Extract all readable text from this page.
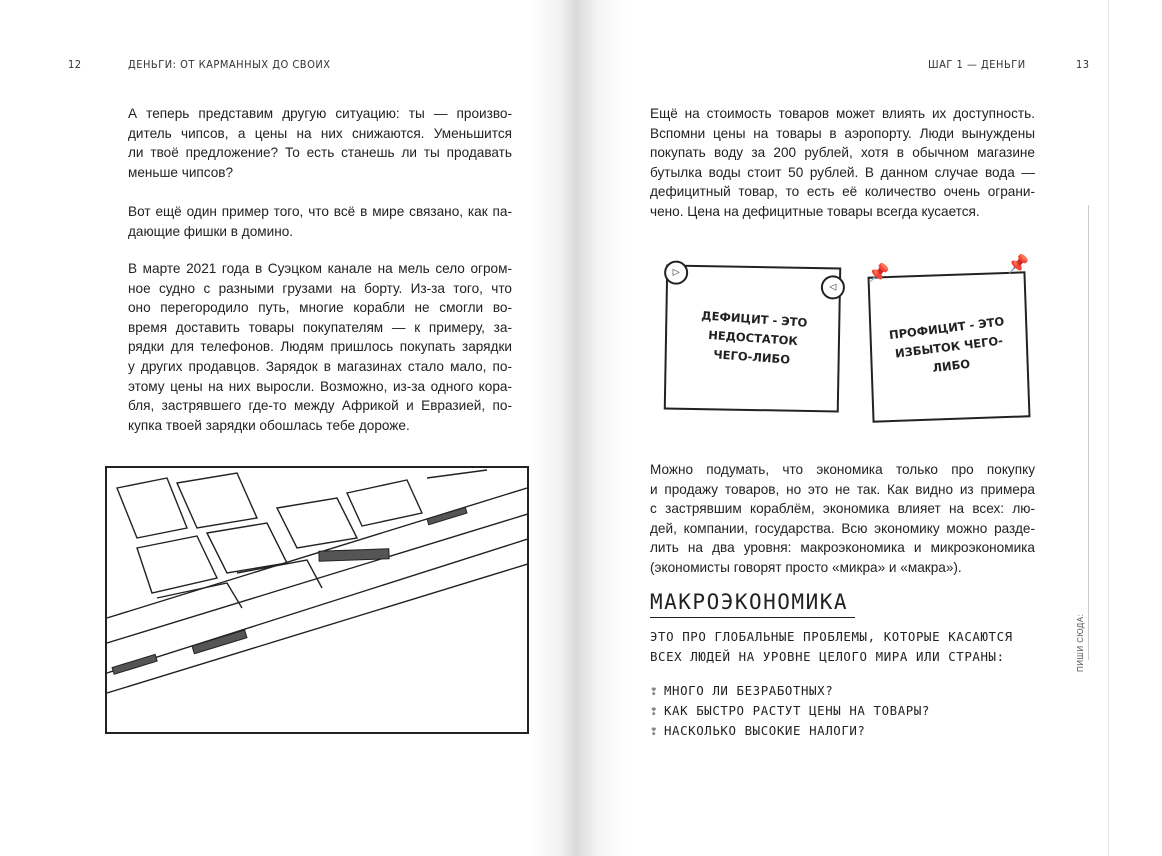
12	ДЕНЬГИ: ОТ КАРМАННЫХ ДО СВОИХ
А теперь представим другую ситуацию: ты — произво-
дитель чипсов, а цены на них снижаются. Уменьшится
ли твоё предложение? То есть станешь ли ты продавать
меньше чипсов?
Вот ещё один пример того, что всё в мире связано, как па-
дающие фишки в домино.
В марте 2021 года в Суэцком канале на мель село огром-
ное судно с разными грузами на борту. Из-за того, что
оно перегородило путь, многие корабли не смогли во-
время доставить товары покупателям — к примеру, за-
рядки для телефонов. Людям пришлось покупать зарядки
у других продавцов. Зарядок в магазинах стало мало, по-
этому цены на них выросли. Возможно, из-за одного кора-
бля, застрявшего где-то между Африкой и Евразией, по-
купка твоей зарядки обошлась тебе дороже.
ШАГ 1 — ДЕНЬГИ	13
Ещё на стоимость товаров может влиять их доступность.
Вспомни цены на товары в аэропорту. Люди вынуждены
покупать воду за 200 рублей, хотя в обычном магазине
бутылка воды стоит 50 рублей. В данном случае вода —
дефицитный товар, то есть её количество очень ограни-
чено. Цена на дефицитные товары всегда кусается.
▷
◁
ДЕФИЦИТ - ЭТО НЕДОСТАТОК ЧЕГО-ЛИБО
📌	📌
ПРОФИЦИТ - ЭТО ИЗБЫТОК ЧЕГО-ЛИБО
Можно подумать, что экономика только про покупку
и продажу товаров, но это не так. Как видно из примера
с застрявшим кораблём, экономика влияет на всех: лю-
дей, компании, государства. Всю экономику можно разде-
лить на два уровня: макроэкономика и микроэкономика
(экономисты говорят просто «микра» и «макра»).
МАКРОЭКОНОМИКА
ЭТО ПРО ГЛОБАЛЬНЫЕ ПРОБЛЕМЫ, КОТОРЫЕ КАСАЮТСЯ
ВСЕХ ЛЮДЕЙ НА УРОВНЕ ЦЕЛОГО МИРА ИЛИ СТРАНЫ:
❢ МНОГО ЛИ БЕЗРАБОТНЫХ?
❢ КАК БЫСТРО РАСТУТ ЦЕНЫ НА ТОВАРЫ?
❢ НАСКОЛЬКО ВЫСОКИЕ НАЛОГИ?
ПИШИ СЮДА:
